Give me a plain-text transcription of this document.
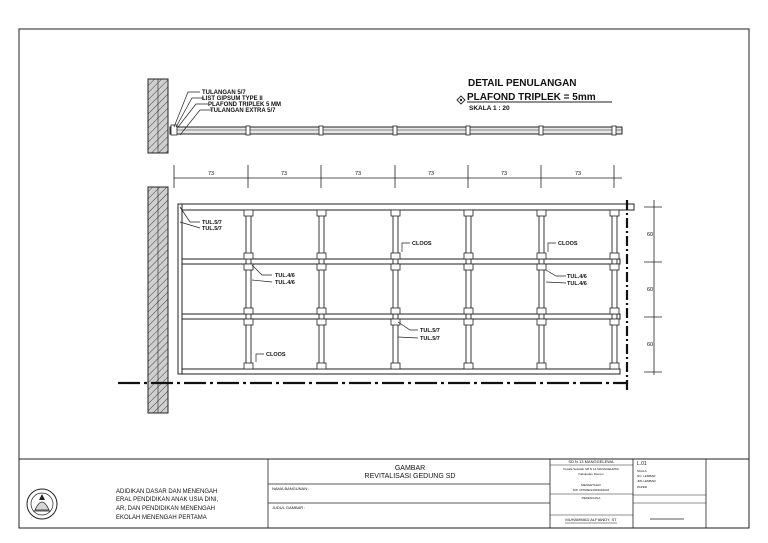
TULANGAN 5/7
LIST GIPSUM TYPE II
PLAFOND TRIPLEK 5 MM
TULANGAN EXTRA 5/7
DETAIL PENULANGAN
PLAFOND TRIPLEK = 5mm
SKALA 1 : 20
73	73	73	73	73	73
60
60
60
TUL.5/7
TUL.5/7
CLOOS	CLOOS
TUL.4/6
TUL.4/6
TUL.4/6
TUL.4/6
TUL.5/7
TUL.5/7
CLOOS
ADIDIKAN DASAR DAN MENENGAH
ERAL PENDIDIKAN ANAK USIA DINI,
AR, DAN PENDIDIKAN MENENGAH
EKOLAH MENENGAH PERTAMA
GAMBAR
REVITALISASI GEDUNG SD
NAMA BANGUNAN :
JUDUL GAMBAR :
SD N 13 MANGGELEWA
Kepala Sekolah SD N 13 MANGGELEWA
Kabupaten Dompu
MENGETAHUI
NIP. 197009221994032004
PERENCANA
MUHAMMAD ALFIANDY, ST
L.01
SKALA
NO. LEMBAR
JML LEMBAR
PAPER
